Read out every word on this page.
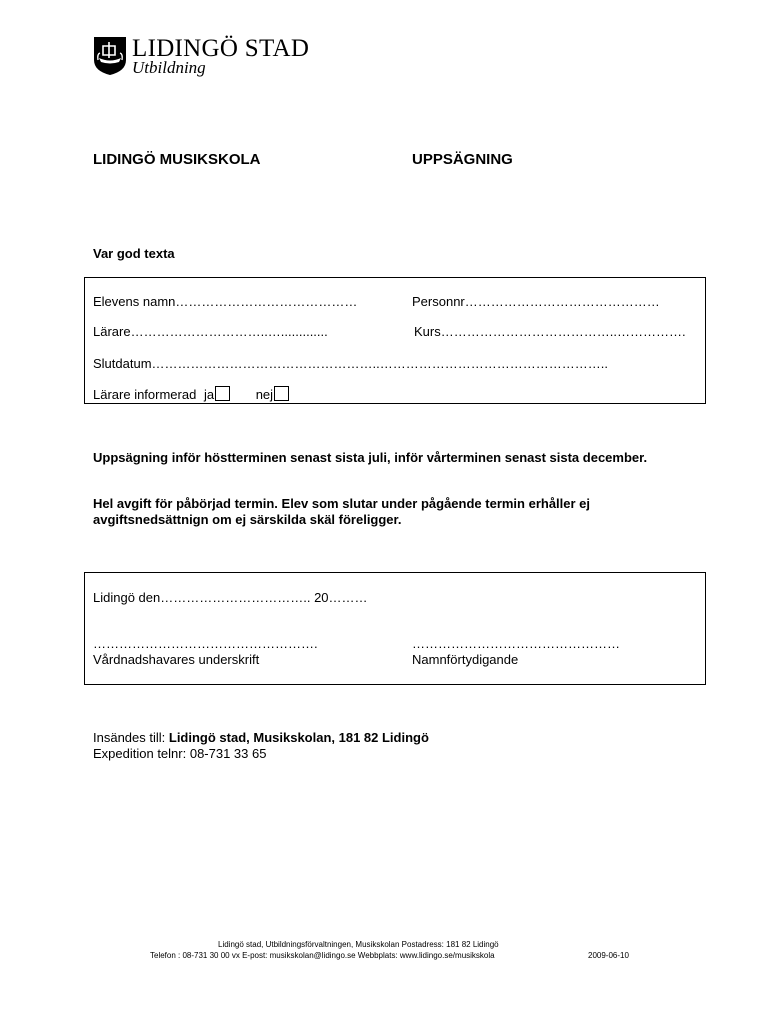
LIDINGÖ STAD
Utbildning
LIDINGÖ MUSIKSKOLA	UPPSÄGNING
Var god texta
Elevens namn……………………………………	Personnr………………………………………
Lärare…………………………..….............	Kurs…………………………………..…………….
Slutdatum……………………………………………..……………………………………………..
Lärare informerad ja	nej
Uppsägning inför höstterminen senast sista juli, inför vårterminen senast sista december.
Hel avgift för påbörjad termin. Elev som slutar under pågående termin erhåller ej avgiftsnedsättnign om ej särskilda skäl föreligger.
Lidingö den…………………………….. 20………
…………………………………………….	…………………………………………
Vårdnadshavares underskrift	Namnförtydigande
Insändes till: Lidingö stad, Musikskolan, 181 82 Lidingö
Expedition telnr: 08-731 33 65
Lidingö stad, Utbildningsförvaltningen, Musikskolan Postadress: 181 82 Lidingö
Telefon : 08-731 30 00 vx E-post: musikskolan@lidingo.se Webbplats: www.lidingo.se/musikskola	2009-06-10
